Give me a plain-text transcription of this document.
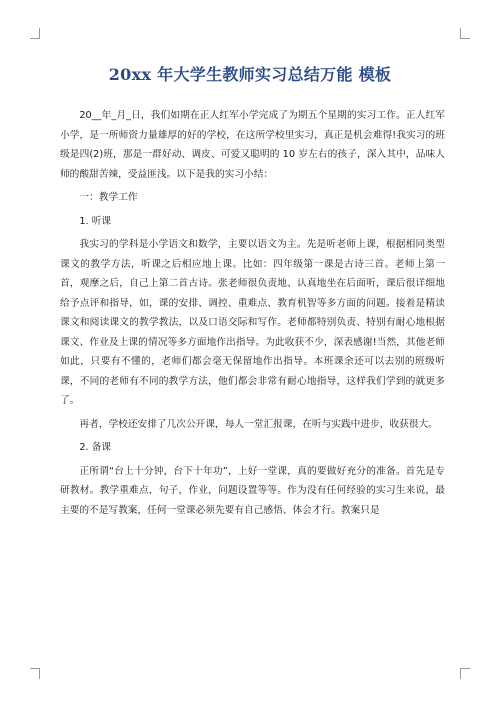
20xx 年大学生教师实习总结万能 模板

20__年_月_日，我们如期在正人红军小学完成了为期五个星期的实习工作。正人红军小学，是一所师资力量雄厚的好的学校，在这所学校里实习，真正是机会难得!我实习的班级是四(2)班，那是一群好动、调皮、可爱又聪明的 10 岁左右的孩子，深入其中，品味人师的酸甜苦辣，受益匪浅。以下是我的实习小结：

一：教学工作

1. 听课

我实习的学科是小学语文和数学，主要以语文为主。先是听老师上课，根据相同类型课文的教学方法，听课之后相应地上课。比如：四年级第一课是古诗三首。老师上第一首，观摩之后，自己上第二首古诗。张老师很负责地、认真地坐在后面听，课后很详细地给予点评和指导，如，课的安排、调控、重难点、教育机智等多方面的问题。接着是精读课文和阅读课文的教学教法，以及口语交际和写作。老师都特别负责、特别有耐心地根据课文、作业及上课的情况等多方面地作出指导。为此收获不少，深表感谢!当然，其他老师如此，只要有不懂的，老师们都会毫无保留地作出指导。本班课余还可以去别的班级听课，不同的老师有不同的教学方法，他们都会非常有耐心地指导，这样我们学到的就更多了。

再者，学校还安排了几次公开课，每人一堂汇报课，在听与实践中进步，收获很大。

2. 备课

正所谓“台上十分钟，台下十年功”，上好一堂课，真的要做好充分的准备。首先是专研教材。教学重难点，句子，作业，问题设置等等。作为没有任何经验的实习生来说，最主要的不是写教案，任何一堂课必须先要有自己感悟、体会才行。教案只是
